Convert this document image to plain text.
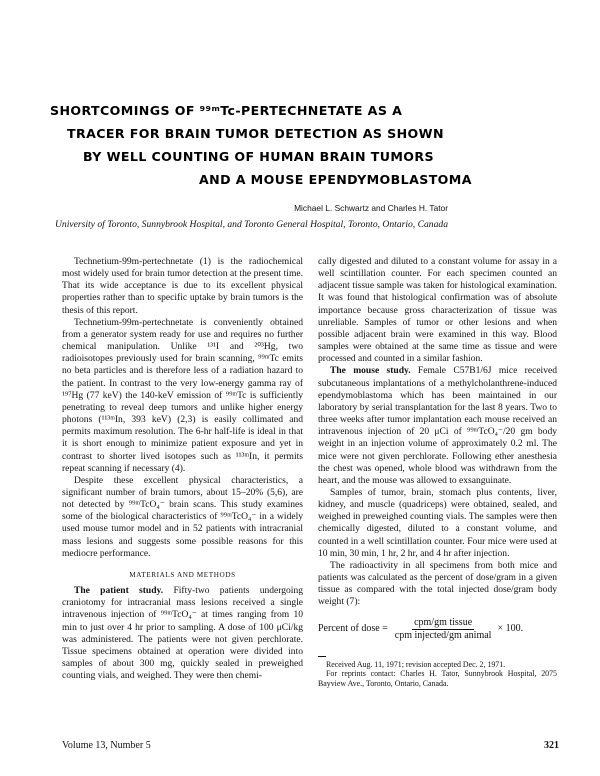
SHORTCOMINGS OF ⁹⁹ᵐTc-PERTECHNETATE AS A
TRACER FOR BRAIN TUMOR DETECTION AS SHOWN
BY WELL COUNTING OF HUMAN BRAIN TUMORS
AND A MOUSE EPENDYMOBLASTOMA
Michael L. Schwartz and Charles H. Tator
University of Toronto, Sunnybrook Hospital, and Toronto General Hospital, Toronto, Ontario, Canada

Technetium-99m-pertechnetate (1) is the radiochemical most widely used for brain tumor detection at the present time. That its wide acceptance is due to its excellent physical properties rather than to specific uptake by brain tumors is the thesis of this report.

Technetium-99m-pertechnetate is conveniently obtained from a generator system ready for use and requires no further chemical manipulation. Unlike ¹³¹I and ²⁰³Hg, two radioisotopes previously used for brain scanning, ⁹⁹ᵐTc emits no beta particles and is therefore less of a radiation hazard to the patient. In contrast to the very low-energy gamma ray of ¹⁹⁷Hg (77 keV) the 140-keV emission of ⁹⁹ᵐTc is sufficiently penetrating to reveal deep tumors and unlike higher energy photons (¹¹³ᵐIn, 393 keV) (2,3) is easily collimated and permits maximum resolution. The 6-hr half-life is ideal in that it is short enough to minimize patient exposure and yet in contrast to shorter lived isotopes such as ¹¹³ᵐIn, it permits repeat scanning if necessary (4).

Despite these excellent physical characteristics, a significant number of brain tumors, about 15–20% (5,6), are not detected by ⁹⁹ᵐTcO₄⁻ brain scans. This study examines some of the biological characteristics of ⁹⁹ᵐTcO₄⁻ in a widely used mouse tumor model and in 52 patients with intracranial mass lesions and suggests some possible reasons for this mediocre performance.

MATERIALS AND METHODS

The patient study. Fifty-two patients undergoing craniotomy for intracranial mass lesions received a single intravenous injection of ⁹⁹ᵐTcO₄⁻ at times ranging from 10 min to just over 4 hr prior to sampling. A dose of 100 μCi/kg was administered. The patients were not given perchlorate. Tissue specimens obtained at operation were divided into samples of about 300 mg, quickly sealed in preweighed counting vials, and weighed. They were then chemi-

cally digested and diluted to a constant volume for assay in a well scintillation counter. For each specimen counted an adjacent tissue sample was taken for histological examination. It was found that histological confirmation was of absolute importance because gross characterization of tissue was unreliable. Samples of tumor or other lesions and when possible adjacent brain were examined in this way. Blood samples were obtained at the same time as tissue and were processed and counted in a similar fashion.

The mouse study. Female C57B1/6J mice received subcutaneous implantations of a methylcholanthrene-induced ependymoblastoma which has been maintained in our laboratory by serial transplantation for the last 8 years. Two to three weeks after tumor implantation each mouse received an intravenous injection of 20 μCi of ⁹⁹ᵐTcO₄⁻/20 gm body weight in an injection volume of approximately 0.2 ml. The mice were not given perchlorate. Following ether anesthesia the chest was opened, whole blood was withdrawn from the heart, and the mouse was allowed to exsanguinate.

Samples of tumor, brain, stomach plus contents, liver, kidney, and muscle (quadriceps) were obtained, sealed, and weighed in preweighed counting vials. The samples were then chemically digested, diluted to a constant volume, and counted in a well scintillation counter. Four mice were used at 10 min, 30 min, 1 hr, 2 hr, and 4 hr after injection.

The radioactivity in all specimens from both mice and patients was calculated as the percent of dose/gram in a given tissue as compared with the total injected dose/gram body weight (7):

Percent of dose = $\frac{\text{cpm/gm tissue}}{\text{cpm injected/gm animal}} \times 100$.

Received Aug. 11, 1971; revision accepted Dec. 2, 1971.

For reprints contact: Charles H. Tator, Sunnybrook Hospital, 2075 Bayview Ave., Toronto, Ontario, Canada.

Volume 13, Number 5	321
